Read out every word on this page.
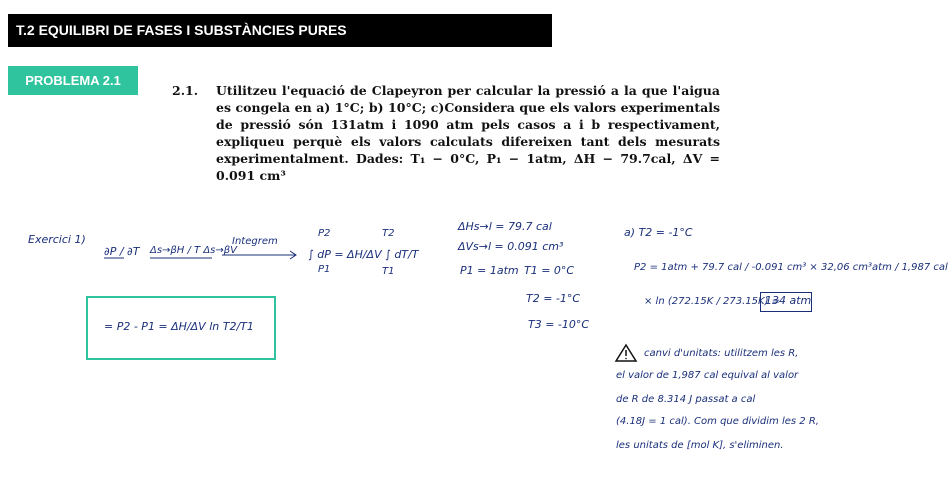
T.2 EQUILIBRI DE FASES I SUBSTÀNCIES PURES
PROBLEMA 2.1
2.1. Utilitzeu l'equació de Clapeyron per calcular la pressió a la que l'aigua es congela en a) 1°C; b) 10°C; c)Considera que els valors experimentals de pressió són 131atm i 1090 atm pels casos a i b respectivament, expliqueu perquè els valors calculats difereixen tant dels mesurats experimentalment. Dades: T₁ − 0°C, P₁ − 1atm, ΔH − 79.7cal, ΔV = 0.091 cm³
Exercici 1)
∂P / ∂T Δs→βH / T Δs→βV
Integrem
∫ dP = ΔH/ΔV ∫ dT/T
P2
P1
T2
T1
= P2 - P1 = ΔH/ΔV ln T2/T1
ΔHs→l = 79.7 cal
ΔVs→l = 0.091 cm³
P1 = 1atm T1 = 0°C
T2 = -1°C
T3 = -10°C
a) T2 = -1°C
P2 = 1atm + 79.7 cal / -0.091 cm³ × 32,06 cm³atm / 1,987 cal
× ln (272.15K / 273.15K) =
134 atm
canvi d'unitats: utilitzem les R,
el valor de 1,987 cal equival al valor
de R de 8.314 J passat a cal
(4.18J = 1 cal). Com que dividim les 2 R,
les unitats de [mol K], s'eliminen.
